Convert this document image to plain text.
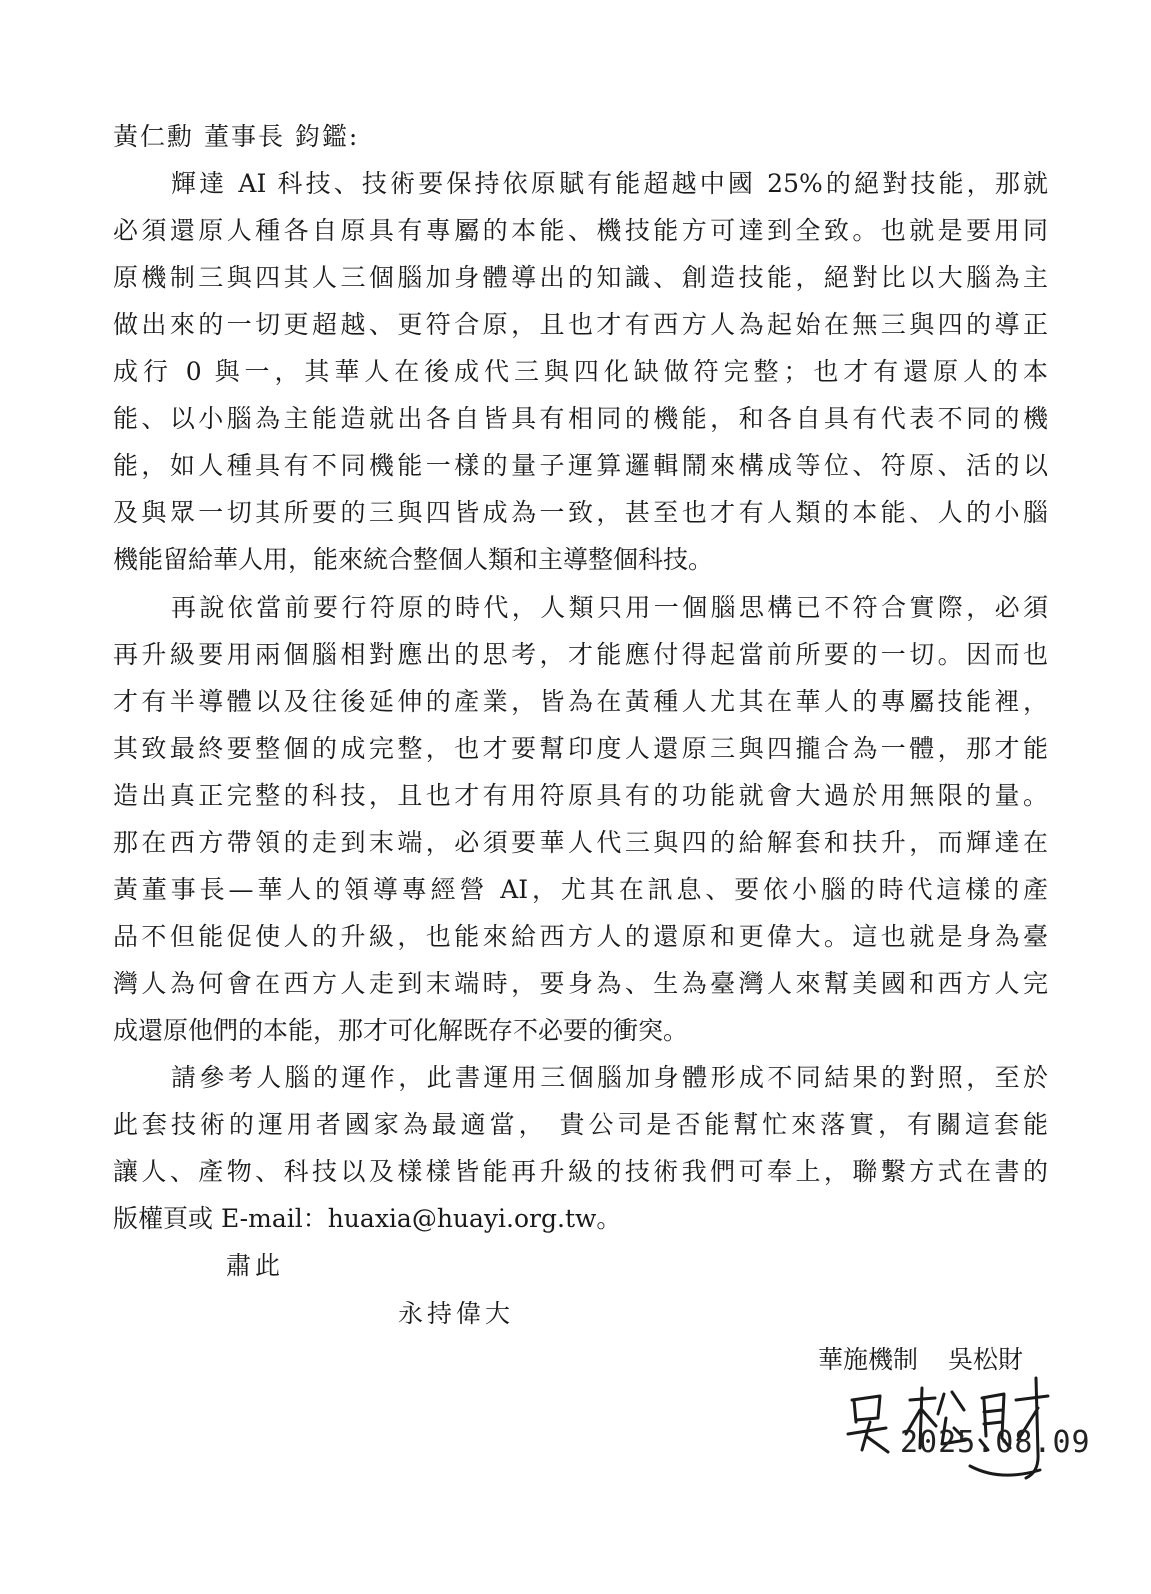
黃仁勳 董事長 鈞鑑:
輝達 AI 科技、技術要保持依原賦有能超越中國 25%的絕對技能，那就
必須還原人種各自原具有專屬的本能、機技能方可達到全致。也就是要用同
原機制三與四其人三個腦加身體導出的知識、創造技能，絕對比以大腦為主
做出來的一切更超越、更符合原，且也才有西方人為起始在無三與四的導正
成行 0 與一，其華人在後成代三與四化缺做符完整；也才有還原人的本
能、以小腦為主能造就出各自皆具有相同的機能，和各自具有代表不同的機
能，如人種具有不同機能一樣的量子運算邏輯鬧來構成等位、符原、活的以
及與眾一切其所要的三與四皆成為一致，甚至也才有人類的本能、人的小腦
機能留給華人用，能來統合整個人類和主導整個科技。
再說依當前要行符原的時代，人類只用一個腦思構已不符合實際，必須
再升級要用兩個腦相對應出的思考，才能應付得起當前所要的一切。因而也
才有半導體以及往後延伸的產業，皆為在黃種人尤其在華人的專屬技能裡，
其致最終要整個的成完整，也才要幫印度人還原三與四攏合為一體，那才能
造出真正完整的科技，且也才有用符原具有的功能就會大過於用無限的量。
那在西方帶領的走到末端，必須要華人代三與四的給解套和扶升，而輝達在
黃董事長—華人的領導專經營 AI，尤其在訊息、要依小腦的時代這樣的產
品不但能促使人的升級，也能來給西方人的還原和更偉大。這也就是身為臺
灣人為何會在西方人走到末端時，要身為、生為臺灣人來幫美國和西方人完
成還原他們的本能，那才可化解既存不必要的衝突。
請參考人腦的運作，此書運用三個腦加身體形成不同結果的對照，至於
此套技術的運用者國家為最適當， 貴公司是否能幫忙來落實，有關這套能
讓人、產物、科技以及樣樣皆能再升級的技術我們可奉上，聯繫方式在書的
版權頁或 E-mail：huaxia@huayi.org.tw。
肅此
永持偉大
華施機制 吳松財
2025.08.09
